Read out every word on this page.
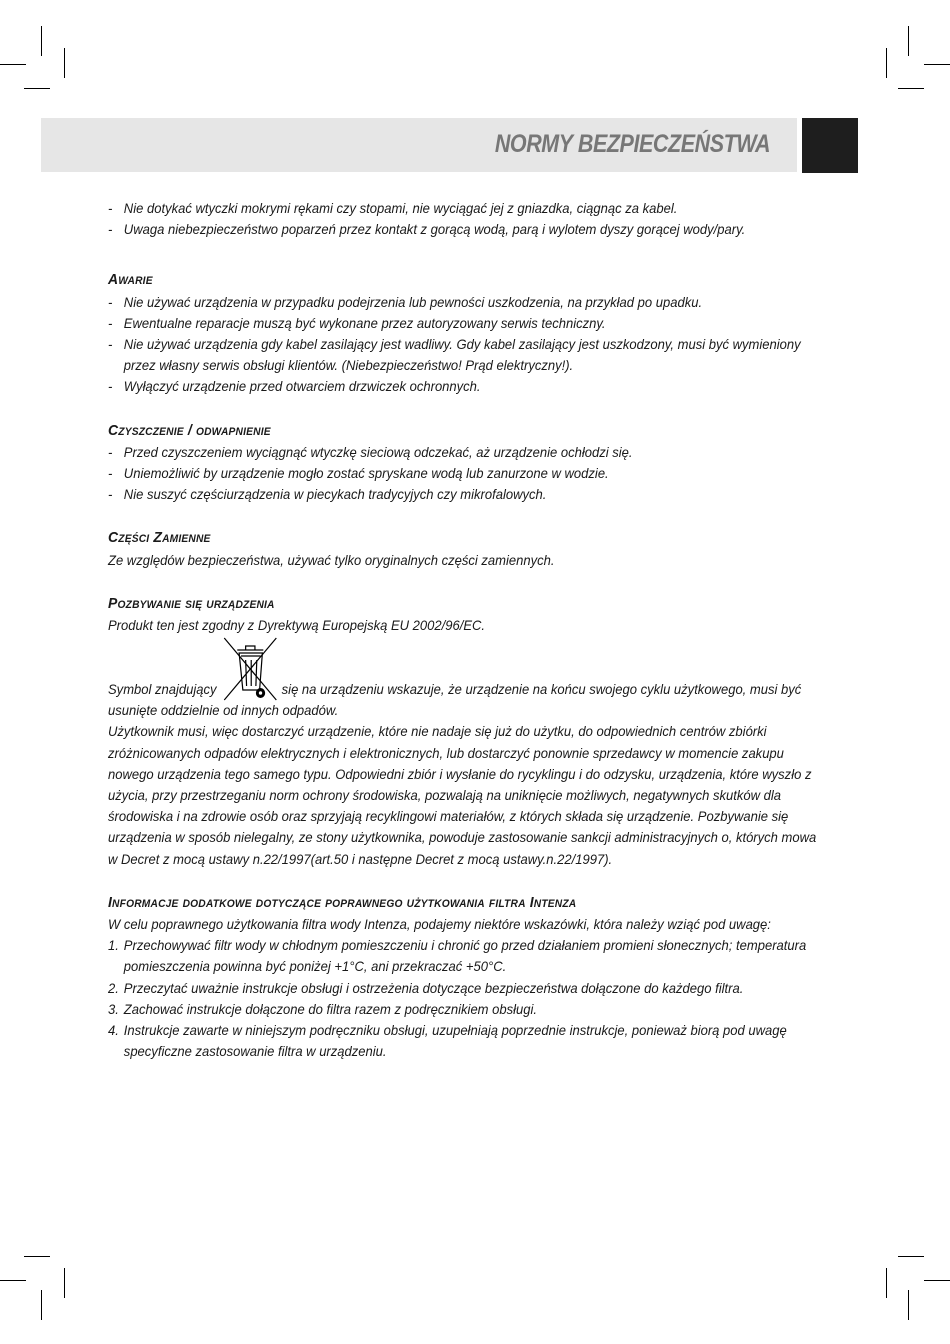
NORMY BEZPIECZEŃSTWA

- Nie dotykać wtyczki mokrymi rękami czy stopami, nie wyciągać jej z gniazdka, ciągnąc za kabel.

- Uwaga niebezpieczeństwo poparzeń przez kontakt z gorącą wodą, parą i wylotem dyszy gorącej wody/pary.

Awarie

- Nie używać urządzenia w przypadku podejrzenia lub pewności uszkodzenia, na przykład po upadku.

- Ewentualne reparacje muszą być wykonane przez autoryzowany serwis techniczny.

- Nie używać urządzenia gdy kabel zasilający jest wadliwy. Gdy kabel zasilający jest uszkodzony, musi być wymieniony przez własny serwis obsługi klientów. (Niebezpieczeństwo! Prąd elektryczny!).

- Wyłączyć urządzenie przed otwarciem drzwiczek ochronnych.

Czyszczenie / odwapnienie

- Przed czyszczeniem wyciągnąć wtyczkę sieciową odczekać, aż urządzenie ochłodzi się.

- Uniemożliwić by urządzenie mogło zostać spryskane wodą lub zanurzone w wodzie.

- Nie suszyć częściurządzenia w piecykach tradycyjych czy mikrofalowych.

Części Zamienne

Ze względów bezpieczeństwa, używać tylko oryginalnych części zamiennych.

Pozbywanie się urządzenia

Produkt ten jest zgodny z Dyrektywą Europejską EU 2002/96/EC.

Symbol znajdujący	się na urządzeniu wskazuje, że urządzenie na końcu swojego cyklu użytkowego, musi być usunięte oddzielnie od innych odpadów.

Użytkownik musi, więc dostarczyć urządzenie, które nie nadaje się już do użytku, do odpowiednich centrów zbiórki zróżnicowanych odpadów elektrycznych i elektronicznych, lub dostarczyć ponownie sprzedawcy w momencie zakupu nowego urządzenia tego samego typu. Odpowiedni zbiór i wysłanie do rycyklingu i do odzysku, urządzenia, które wyszło z użycia, przy przestrzeganiu norm ochrony środowiska, pozwalają na uniknięcie możliwych, negatywnych skutków dla środowiska i na zdrowie osób oraz sprzyjają recyklingowi materiałów, z których składa się urządzenie. Pozbywanie się urządzenia w sposób nielegalny, ze stony użytkownika, powoduje zastosowanie sankcji administracyjnych o, których mowa w Decret z mocą ustawy n.22/1997(art.50 i następne Decret z mocą ustawy.n.22/1997).

Informacje dodatkowe dotyczące poprawnego użytkowania filtra Intenza

W celu poprawnego użytkowania filtra wody Intenza, podajemy niektóre wskazówki, która należy wziąć pod uwagę:

1. Przechowywać filtr wody w chłodnym pomieszczeniu i chronić go przed działaniem promieni słonecznych; temperatura pomieszczenia powinna być poniżej +1°C, ani przekraczać +50°C.

2. Przeczytać uważnie instrukcje obsługi i ostrzeżenia dotyczące bezpieczeństwa dołączone do każdego filtra.

3. Zachować instrukcje dołączone do filtra razem z podręcznikiem obsługi.

4. Instrukcje zawarte w niniejszym podręczniku obsługi, uzupełniają poprzednie instrukcje, ponieważ biorą pod uwagę specyficzne zastosowanie filtra w urządzeniu.
